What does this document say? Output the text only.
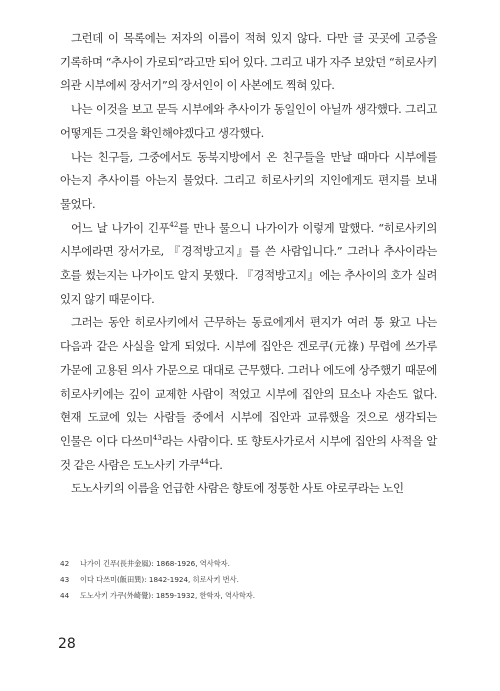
그런데 이 목록에는 저자의 이름이 적혀 있지 않다. 다만 글 곳곳에 고증을 기록하며 “추사이 가로되”라고만 되어 있다. 그리고 내가 자주 보았던 “히로사키 의관 시부에씨 장서기”의 장서인이 이 사본에도 찍혀 있다.

나는 이것을 보고 문득 시부에와 추사이가 동일인이 아닐까 생각했다. 그리고 어떻게든 그것을 확인해야겠다고 생각했다.

나는 친구들, 그중에서도 동북지방에서 온 친구들을 만날 때마다 시부에를 아는지 추사이를 아는지 물었다. 그리고 히로사키의 지인에게도 편지를 보내 물었다.

어느 날 나가이 긴푸$^{42}$를 만나 물으니 나가이가 이렇게 말했다. “히로사키의 시부에라면 장서가로, 『경적방고지』를 쓴 사람입니다.” 그러나 추사이라는 호를 썼는지는 나가이도 알지 못했다. 『경적방고지』에는 추사이의 호가 실려 있지 않기 때문이다.

그러는 동안 히로사키에서 근무하는 동료에게서 편지가 여러 통 왔고 나는 다음과 같은 사실을 알게 되었다. 시부에 집안은 겐로쿠(元祿) 무렵에 쓰가루 가문에 고용된 의사 가문으로 대대로 근무했다. 그러나 에도에 상주했기 때문에 히로사키에는 깊이 교제한 사람이 적었고 시부에 집안의 묘소나 자손도 없다. 현재 도쿄에 있는 사람들 중에서 시부에 집안과 교류했을 것으로 생각되는 인물은 이다 다쓰미$^{43}$라는 사람이다. 또 향토사가로서 시부에 집안의 사적을 알 것 같은 사람은 도노사키 가쿠$^{44}$다.

도노사키의 이름을 언급한 사람은 향토에 정통한 사토 야로쿠라는 노인

42	나가이 긴푸(長井金風): 1868-1926, 역사학자.
43	이다 다쓰미(飯田巽): 1842-1924, 히로사키 번사.
44	도노사키 가쿠(外崎覺): 1859-1932, 한학자, 역사학자.
28
